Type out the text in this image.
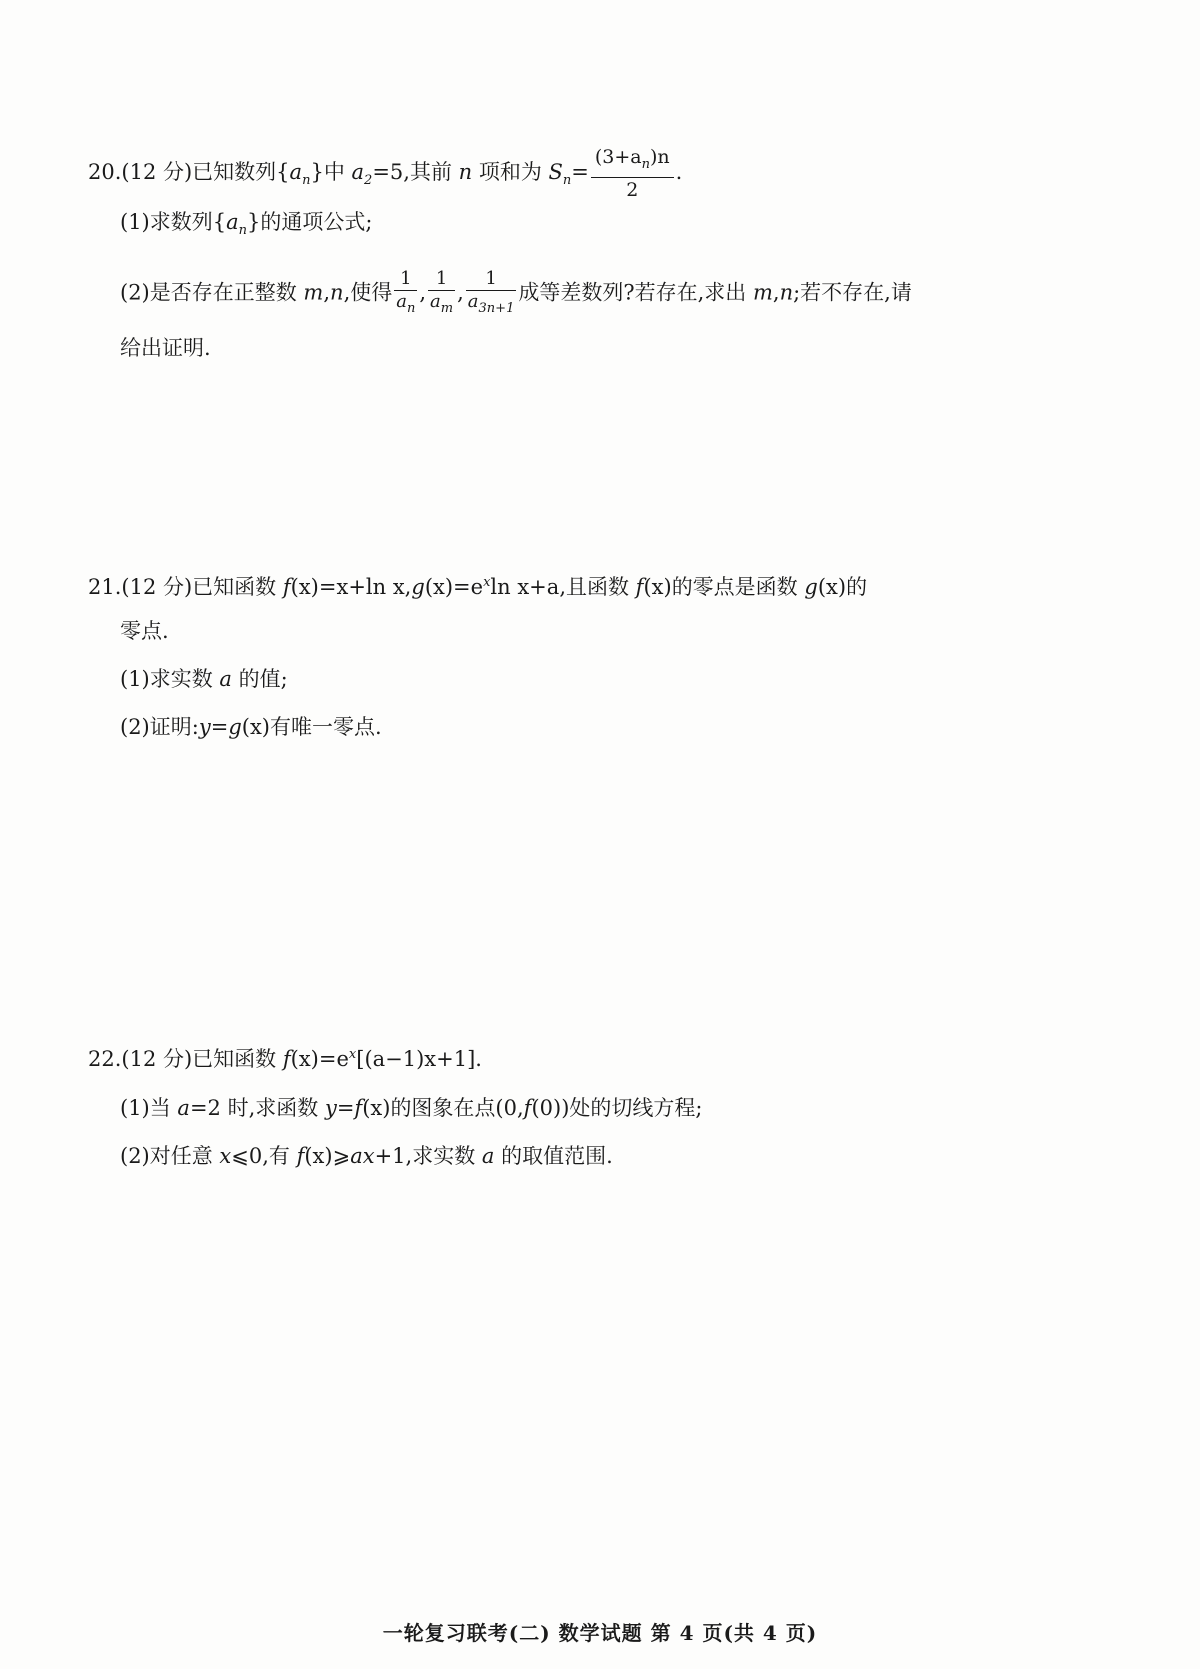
20.(12 分)已知数列$\{a_n\}$中 $a_2=5$,其前 n 项和为 $S_n= \frac{(3+a_n)n}{2}$ .
(1)求数列$\{a_n\}$的通项公式;
(2)是否存在正整数 m,n,使得 $\frac{1}{a_n}$ , $\frac{1}{a_m}$ , $\frac{1}{a_{3n+1}}$ 成等差数列?若存在,求出 m,n;若不存在,请
给出证明.
21.(12 分)已知函数 f(x)=x+ln $x,g(x)=e^x\ln$ x+a,且函数 f(x)的零点是函数 g(x)的
零点.
(1)求实数 a 的值;
(2)证明:y=g(x)有唯一零点.
22.(12 分)已知函数 $f(x)=e^x[(a-1)x+1]$.
(1)当 a=2 时,求函数 y=f(x)的图象在点(0,f(0))处的切线方程;
(2)对任意 x⩽0,有 f(x)⩾ax+1,求实数 a 的取值范围.
一轮复习联考(二) 数学试题 第 4 页(共 4 页)
